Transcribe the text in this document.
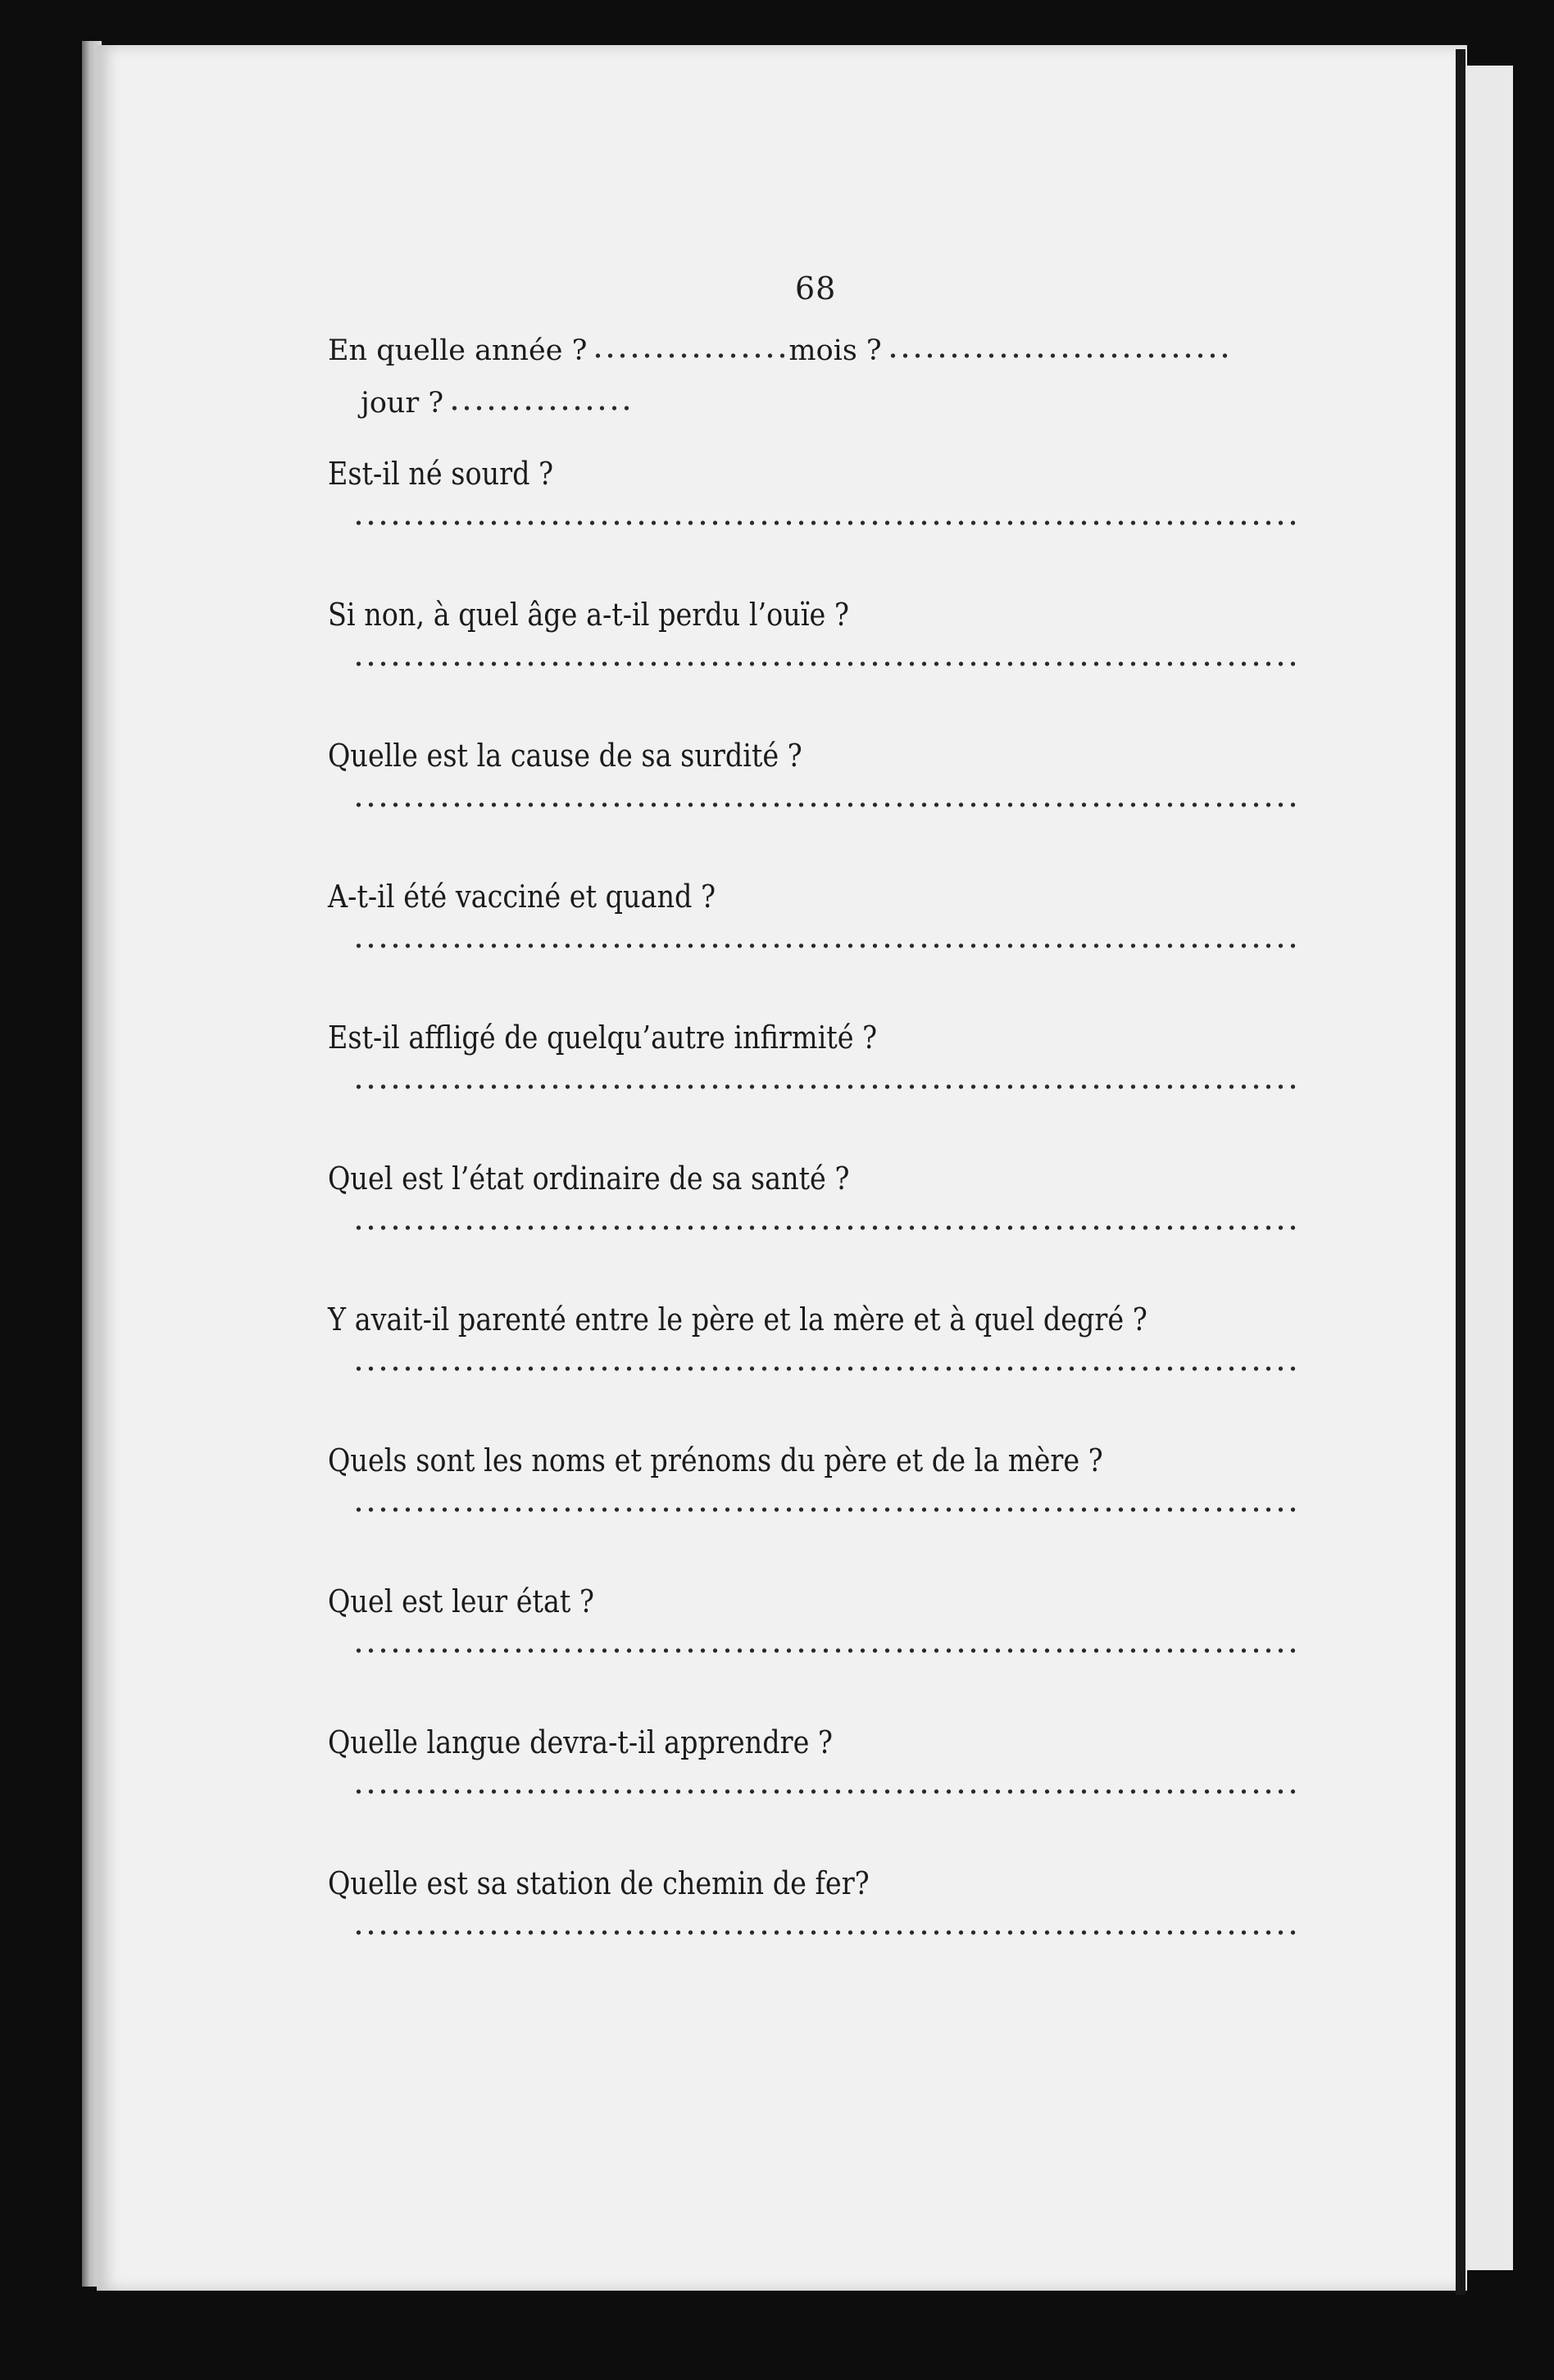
68
En quelle année ?	mois ?
jour ?

Est-il né sourd ?

Si non, à quel âge a-t-il perdu l’ouïe ?

Quelle est la cause de sa surdité ?

A-t-il été vacciné et quand ?

Est-il affligé de quelqu’autre infirmité ?

Quel est l’état ordinaire de sa santé ?

Y avait-il parenté entre le père et la mère et à quel degré ?

Quels sont les noms et prénoms du père et de la mère ?

Quel est leur état ?

Quelle langue devra-t-il apprendre ?

Quelle est sa station de chemin de fer?
